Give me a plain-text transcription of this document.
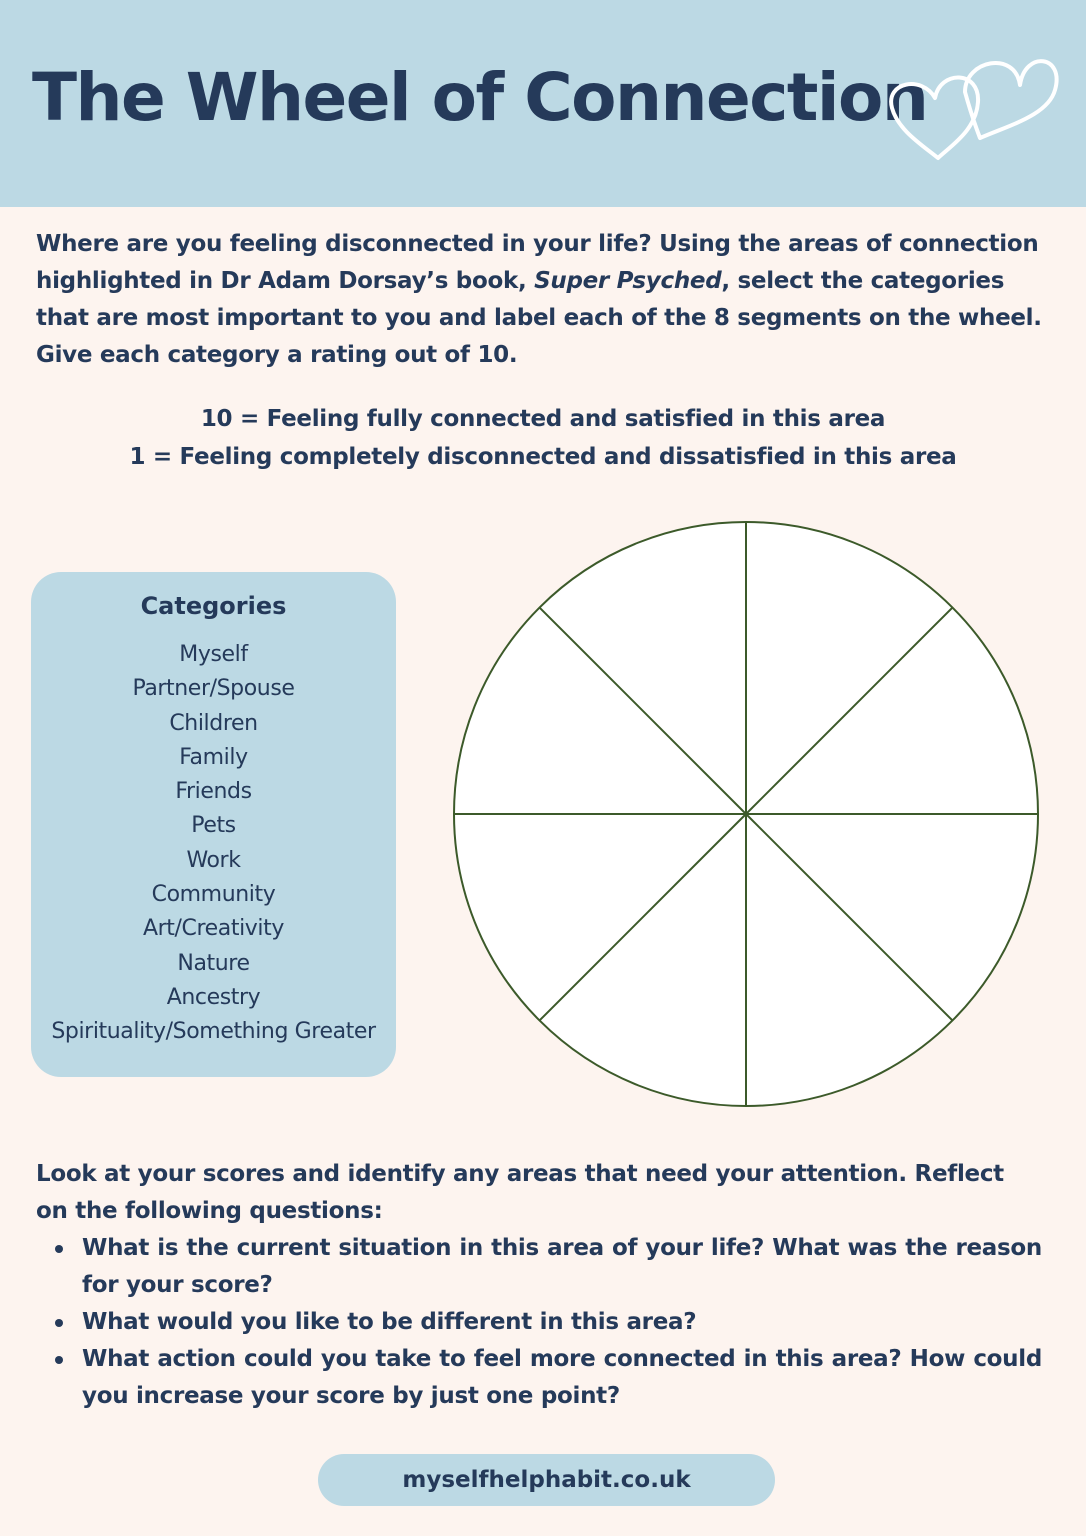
The Wheel of Connection

Where are you feeling disconnected in your life? Using the areas of connection highlighted in Dr Adam Dorsay’s book, Super Psyched, select the categories that are most important to you and label each of the 8 segments on the wheel. Give each category a rating out of 10.

10 = Feeling fully connected and satisfied in this area

1 = Feeling completely disconnected and dissatisfied in this area

Categories
Myself
Partner/Spouse
Children
Family
Friends
Pets
Work
Community
Art/Creativity
Nature
Ancestry
Spirituality/Something Greater

Look at your scores and identify any areas that need your attention. Reflect on the following questions:

What is the current situation in this area of your life? What was the reason for your score?
What would you like to be different in this area?
What action could you take to feel more connected in this area? How could you increase your score by just one point?
myselfhelphabit.co.uk
